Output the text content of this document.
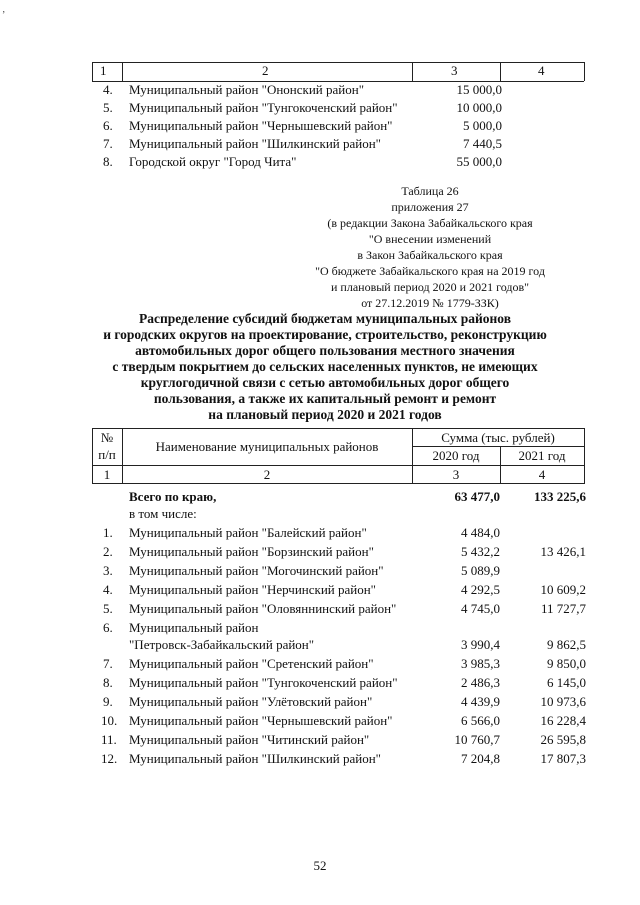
‚
1	2	3	4
4.	Муниципальный район "Ононский район"	15 000,0
5.	Муниципальный район "Тунгокоченский район"	10 000,0
6.	Муниципальный район "Чернышевский район"	5 000,0
7.	Муниципальный район "Шилкинский район"	7 440,5
8.	Городской округ "Город Чита"	55 000,0
Таблица 26
приложения 27
(в редакции Закона Забайкальского края
"О внесении изменений
в Закон Забайкальского края
"О бюджете Забайкальского края на 2019 год
и плановый период 2020 и 2021 годов"
от 27.12.2019 № 1779-ЗЗК)
Распределение субсидий бюджетам муниципальных районов
и городских округов на проектирование, строительство, реконструкцию
автомобильных дорог общего пользования местного значения
с твердым покрытием до сельских населенных пунктов, не имеющих
круглогодичной связи с сетью автомобильных дорог общего
пользования, а также их капитальный ремонт и ремонт
на плановый период 2020 и 2021 годов
№
п/п
Наименование муниципальных районов
Сумма (тыс. рублей)
2020 год	2021 год
1	2	3	4
Всего по краю,	63 477,0	133 225,6
в том числе:
1.	Муниципальный район "Балейский район"	4 484,0
2.	Муниципальный район "Борзинский район"	5 432,2	13 426,1
3.	Муниципальный район "Могочинский район"	5 089,9
4.	Муниципальный район "Нерчинский район"	4 292,5	10 609,2
5.	Муниципальный район "Оловяннинский район"	4 745,0	11 727,7
6.	Муниципальный район
"Петровск-Забайкальский район"	3 990,4	9 862,5
7.	Муниципальный район "Сретенский район"	3 985,3	9 850,0
8.	Муниципальный район "Тунгокоченский район"	2 486,3	6 145,0
9.	Муниципальный район "Улётовский район"	4 439,9	10 973,6
10. Муниципальный район "Чернышевский район"	6 566,0	16 228,4
11. Муниципальный район "Читинский район"	10 760,7	26 595,8
12. Муниципальный район "Шилкинский район"	7 204,8	17 807,3
52
